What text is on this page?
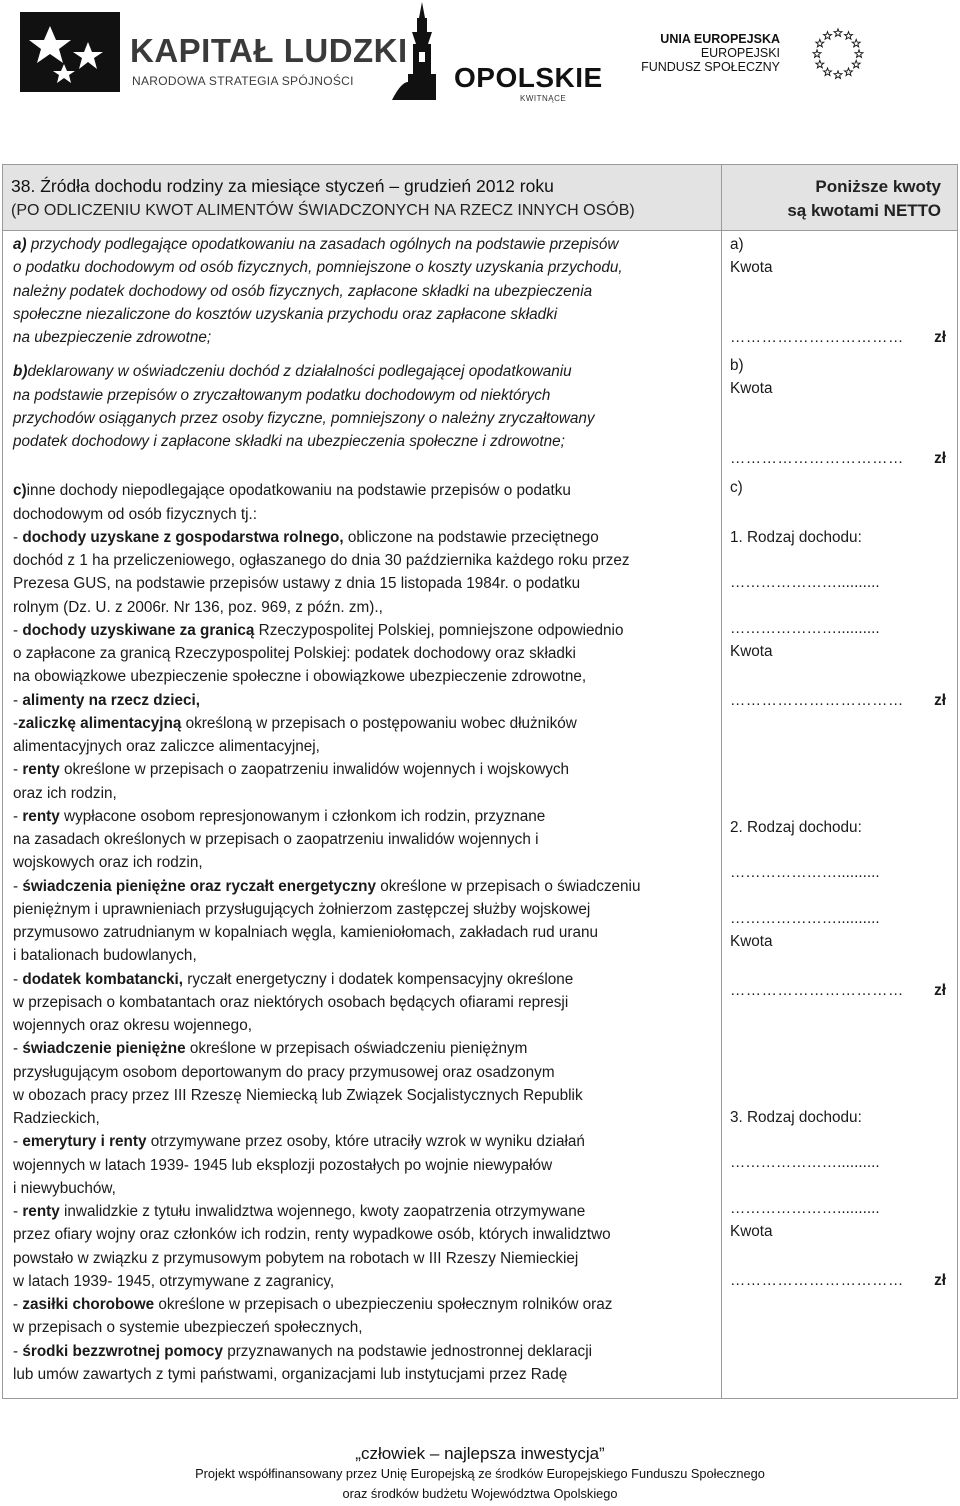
KAPITAŁ LUDZKI
NARODOWA STRATEGIA SPÓJNOŚCI	OPOLSKIE
KWITNĄCE
UNIA EUROPEJSKA
EUROPEJSKI
FUNDUSZ SPOŁECZNY
38. Źródła dochodu rodziny za miesiące styczeń – grudzień 2012 roku
(PO ODLICZENIU KWOT ALIMENTÓW ŚWIADCZONYCH NA RZECZ INNYCH OSÓB)
Poniższe kwoty
są kwotami NETTO

a) przychody podlegające opodatkowaniu na zasadach ogólnych na podstawie przepisów

o podatku dochodowym od osób fizycznych, pomniejszone o koszty uzyskania przychodu,

należny podatek dochodowy od osób fizycznych, zapłacone składki na ubezpieczenia

społeczne niezaliczone do kosztów uzyskania przychodu oraz zapłacone składki

na ubezpieczenie zdrowotne;

b)deklarowany w oświadczeniu dochód z działalności podlegającej opodatkowaniu

na podstawie przepisów o zryczałtowanym podatku dochodowym od niektórych

przychodów osiąganych przez osoby fizyczne, pomniejszony o należny zryczałtowany

podatek dochodowy i zapłacone składki na ubezpieczenia społeczne i zdrowotne;

c)inne dochody niepodlegające opodatkowaniu na podstawie przepisów o podatku

dochodowym od osób fizycznych tj.:

- dochody uzyskane z gospodarstwa rolnego, obliczone na podstawie przeciętnego

dochód z 1 ha przeliczeniowego, ogłaszanego do dnia 30 października każdego roku przez

Prezesa GUS, na podstawie przepisów ustawy z dnia 15 listopada 1984r. o podatku

rolnym (Dz. U. z 2006r. Nr 136, poz. 969, z późn. zm).,

- dochody uzyskiwane za granicą Rzeczypospolitej Polskiej, pomniejszone odpowiednio

o zapłacone za granicą Rzeczypospolitej Polskiej: podatek dochodowy oraz składki

na obowiązkowe ubezpieczenie społeczne i obowiązkowe ubezpieczenie zdrowotne,

- alimenty na rzecz dzieci,

-zaliczkę alimentacyjną określoną w przepisach o postępowaniu wobec dłużników

alimentacyjnych oraz zaliczce alimentacyjnej,

- renty określone w przepisach o zaopatrzeniu inwalidów wojennych i wojskowych

oraz ich rodzin,

- renty wypłacone osobom represjonowanym i członkom ich rodzin, przyznane

na zasadach określonych w przepisach o zaopatrzeniu inwalidów wojennych i

wojskowych oraz ich rodzin,

- świadczenia pieniężne oraz ryczałt energetyczny określone w przepisach o świadczeniu

pieniężnym i uprawnieniach przysługujących żołnierzom zastępczej służby wojskowej

przymusowo zatrudnianym w kopalniach węgla, kamieniołomach, zakładach rud uranu

i batalionach budowlanych,

- dodatek kombatancki, ryczałt energetyczny i dodatek kompensacyjny określone

w przepisach o kombatantach oraz niektórych osobach będących ofiarami represji

wojennych oraz okresu wojennego,

- świadczenie pieniężne określone w przepisach oświadczeniu pieniężnym

przysługującym osobom deportowanym do pracy przymusowej oraz osadzonym

w obozach pracy przez III Rzeszę Niemiecką lub Związek Socjalistycznych Republik

Radzieckich,

- emerytury i renty otrzymywane przez osoby, które utraciły wzrok w wyniku działań

wojennych w latach 1939- 1945 lub eksplozji pozostałych po wojnie niewypałów

i niewybuchów,

- renty inwalidzkie z tytułu inwalidztwa wojennego, kwoty zaopatrzenia otrzymywane

przez ofiary wojny oraz członków ich rodzin, renty wypadkowe osób, których inwalidztwo

powstało w związku z przymusowym pobytem na robotach w III Rzeszy Niemieckiej

w latach 1939- 1945, otrzymywane z zagranicy,

- zasiłki chorobowe określone w przepisach o ubezpieczeniu społecznym rolników oraz

w przepisach o systemie ubezpieczeń społecznych,

- środki bezzwrotnej pomocy przyznawanych na podstawie jednostronnej deklaracji

lub umów zawartych z tymi państwami, organizacjami lub instytucjami przez Radę

a)
Kwota
…………………………… zł
b)
Kwota
…………………………… zł
c)
1. Rodzaj dochodu:
…………………..........
…………………..........
Kwota
…………………………… zł
2. Rodzaj dochodu:
…………………..........
…………………..........
Kwota
…………………………… zł
3. Rodzaj dochodu:
…………………..........
…………………..........
Kwota
…………………………… zł
„człowiek – najlepsza inwestycja”
Projekt współfinansowany przez Unię Europejską ze środków Europejskiego Funduszu Społecznego
oraz środków budżetu Województwa Opolskiego
